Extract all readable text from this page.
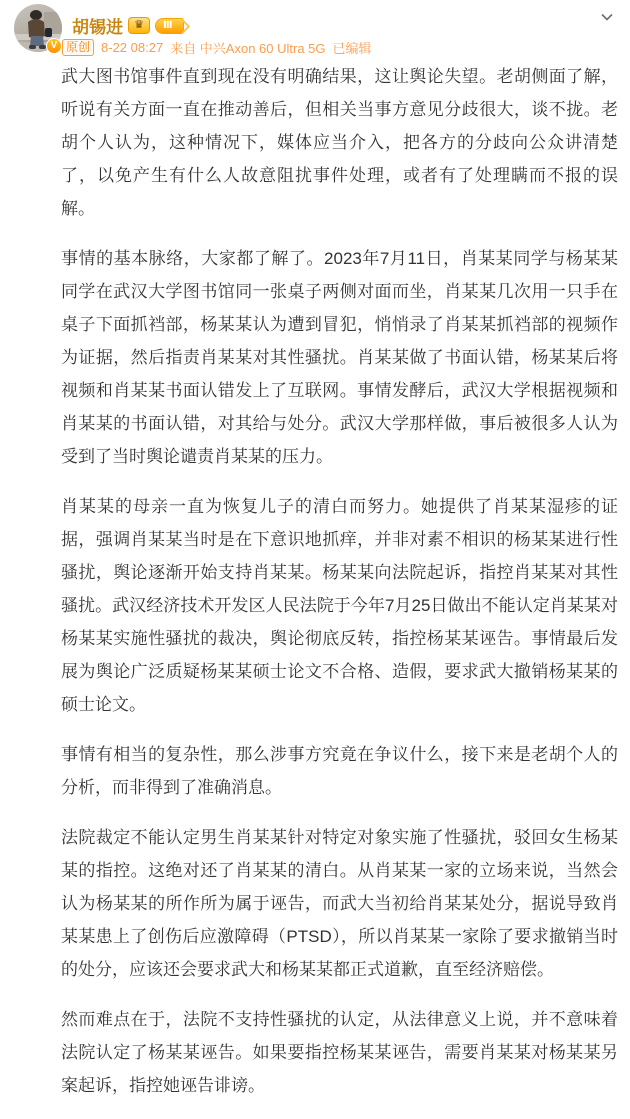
V
胡锡进	♛	Ⅲ
原创 8-22 08:27 来自 中兴Axon 60 Ultra 5G 已编辑

武大图书馆事件直到现在没有明确结果，这让舆论失望。老胡侧面了解，听说有关方面一直在推动善后，但相关当事方意见分歧很大，谈不拢。老胡个人认为，这种情况下，媒体应当介入，把各方的分歧向公众讲清楚了，以免产生有什么人故意阻扰事件处理，或者有了处理瞒而不报的误解。

事情的基本脉络，大家都了解了。2023年7月11日，肖某某同学与杨某某同学在武汉大学图书馆同一张桌子两侧对面而坐，肖某某几次用一只手在桌子下面抓裆部，杨某某认为遭到冒犯，悄悄录了肖某某抓裆部的视频作为证据，然后指责肖某某对其性骚扰。肖某某做了书面认错，杨某某后将视频和肖某某书面认错发上了互联网。事情发酵后，武汉大学根据视频和肖某某的书面认错，对其给与处分。武汉大学那样做，事后被很多人认为受到了当时舆论谴责肖某某的压力。

肖某某的母亲一直为恢复儿子的清白而努力。她提供了肖某某湿疹的证据，强调肖某某当时是在下意识地抓痒，并非对素不相识的杨某某进行性骚扰，舆论逐渐开始支持肖某某。杨某某向法院起诉，指控肖某某对其性骚扰。武汉经济技术开发区人民法院于今年7月25日做出不能认定肖某某对杨某某实施性骚扰的裁决，舆论彻底反转，指控杨某某诬告。事情最后发展为舆论广泛质疑杨某某硕士论文不合格、造假，要求武大撤销杨某某的硕士论文。

事情有相当的复杂性，那么涉事方究竟在争议什么，接下来是老胡个人的分析，而非得到了准确消息。

法院裁定不能认定男生肖某某针对特定对象实施了性骚扰，驳回女生杨某某的指控。这绝对还了肖某某的清白。从肖某某一家的立场来说，当然会认为杨某某的所作所为属于诬告，而武大当初给肖某某处分，据说导致肖某某患上了创伤后应激障碍（PTSD），所以肖某某一家除了要求撤销当时的处分，应该还会要求武大和杨某某都正式道歉，直至经济赔偿。

然而难点在于，法院不支持性骚扰的认定，从法律意义上说，并不意味着法院认定了杨某某诬告。如果要指控杨某某诬告，需要肖某某对杨某某另案起诉，指控她诬告诽谤。
